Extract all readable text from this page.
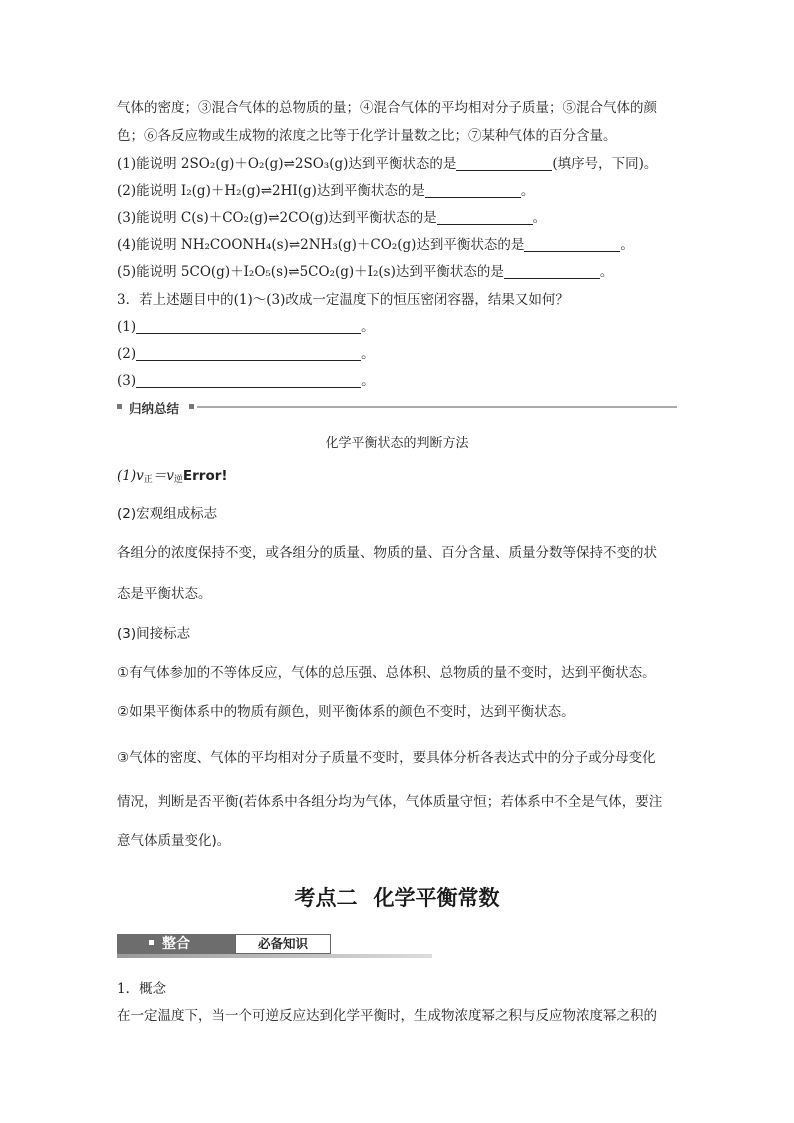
气体的密度；③混合气体的总物质的量；④混合气体的平均相对分子质量；⑤混合气体的颜
色；⑥各反应物或生成物的浓度之比等于化学计量数之比；⑦某种气体的百分含量。
(1)能说明 2SO₂(g)＋O₂(g)⇌2SO₃(g)达到平衡状态的是	(填序号，下同)。
(2)能说明 I₂(g)＋H₂(g)⇌2HI(g)达到平衡状态的是	。
(3)能说明 C(s)＋CO₂(g)⇌2CO(g)达到平衡状态的是	。
(4)能说明 NH₂COONH₄(s)⇌2NH₃(g)＋CO₂(g)达到平衡状态的是	。
(5)能说明 5CO(g)＋I₂O₅(s)⇌5CO₂(g)＋I₂(s)达到平衡状态的是	。
3．若上述题目中的(1)～(3)改成一定温度下的恒压密闭容器，结果又如何？
(1)	。
(2)	。
(3)	。
归纳总结
化学平衡状态的判断方法
$(1)v_正=v_逆Error$!
(2)宏观组成标志
各组分的浓度保持不变，或各组分的质量、物质的量、百分含量、质量分数等保持不变的状
态是平衡状态。
(3)间接标志
①有气体参加的不等体反应，气体的总压强、总体积、总物质的量不变时，达到平衡状态。
②如果平衡体系中的物质有颜色，则平衡体系的颜色不变时，达到平衡状态。
③气体的密度、气体的平均相对分子质量不变时，要具体分析各表达式中的分子或分母变化
情况，判断是否平衡(若体系中各组分均为气体，气体质量守恒；若体系中不全是气体，要注
意气体质量变化)。
考点二 化学平衡常数
整合	必备知识
1．概念
在一定温度下，当一个可逆反应达到化学平衡时，生成物浓度幂之积与反应物浓度幂之积的
